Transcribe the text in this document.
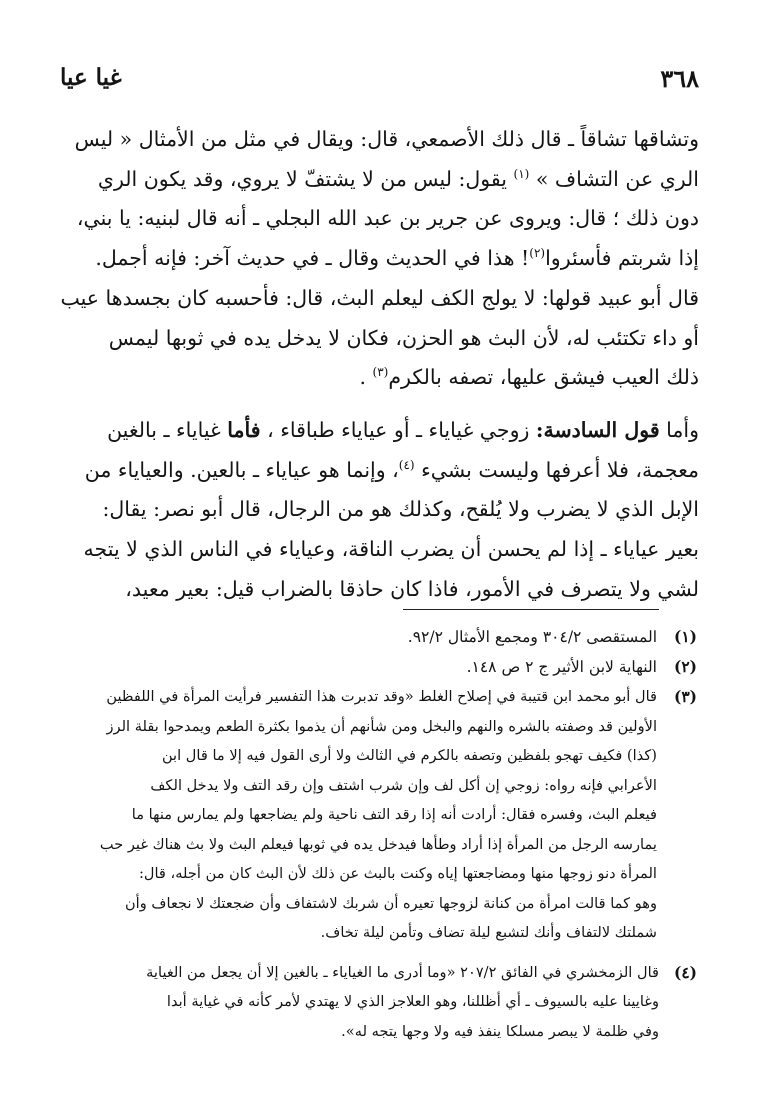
٣٦٨
غيا عيا

وتشاقها تشاقاً ـ قال ذلك الأصمعي، قال: ويقال في مثل من الأمثال « ليس

الري عن التشاف » $^{(١)}$ يقول: ليس من لا يشتفّ لا يروي، وقد يكون الري

دون ذلك ؛ قال: ويروى عن جرير بن عبد الله البجلي ـ أنه قال لبنيه: يا بني،

إذا شربتم فأسئروا$^{(٢)}$! هذا في الحديث وقال ـ في حديث آخر: فإنه أجمل.

قال أبو عبيد قولها: لا يولج الكف ليعلم البث، قال: فأحسبه كان بجسدها عيب

أو داء تكتئب له، لأن البث هو الحزن، فكان لا يدخل يده في ثوبها ليمس

ذلك العيب فيشق عليها، تصفه بالكرم$^{(٣)}$ .

وأما قول السادسة: زوجي غياياء ـ أو عياياء طباقاء ، فأما غياياء ـ بالغين

معجمة، فلا أعرفها وليست بشيء $^{(٤)}$، وإنما هو عياياء ـ بالعين. والعياياء من

الإبل الذي لا يضرب ولا يُلقح، وكذلك هو من الرجال، قال أبو نصر: يقال:

بعير عياياء ـ إذا لم يحسن أن يضرب الناقة، وعياياء في الناس الذي لا يتجه

لشي ولا يتصرف في الأمور، فاذا كان حاذقا بالضراب قيل: بعير معيد،

(١)
المستقصى ٣٠٤/٢ ومجمع الأمثال ٩٢/٢.
(٢)
النهاية لابن الأثير ج ٢ ص ١٤٨.
(٣)
قال أبو محمد ابن قتيبة في إصلاح الغلط «وقد تدبرت هذا التفسير فرأيت المرأة في اللفظين
الأولين قد وصفته بالشره والنهم والبخل ومن شأنهم أن يذموا بكثرة الطعم ويمدحوا بقلة الرز
(كذا) فكيف تهجو بلفظين وتصفه بالكرم في الثالث ولا أرى القول فيه إلا ما قال ابن
الأعرابي فإنه رواه: زوجي إن أكل لف وإن شرب اشتف وإن رقد التف ولا يدخل الكف
فيعلم البث، وفسره فقال: أرادت أنه إذا رقد التف ناحية ولم يضاجعها ولم يمارس منها ما
يمارسه الرجل من المرأة إذا أراد وطأها فيدخل يده في ثوبها فيعلم البث ولا بث هناك غير حب
المرأة دنو زوجها منها ومضاجعتها إياه وكنت بالبث عن ذلك لأن البث كان من أجله، قال:
وهو كما قالت امرأة من كنانة لزوجها تعيره أن شربك لاشتفاف وأن ضجعتك لا نجعاف وأن
شملتك لالتفاف وأنك لتشبع ليلة تضاف وتأمن ليلة تخاف.
(٤)
قال الزمخشري في الفائق ٢٠٧/٢ «وما أدرى ما الغياياء ـ بالغين إلا أن يجعل من الغياية
وغايينا عليه بالسيوف ـ أي أظللنا، وهو العلاجز الذي لا يهتدي لأمر كأنه في غياية أبدا
وفي ظلمة لا يبصر مسلكا ينفذ فيه ولا وجها يتجه له».
